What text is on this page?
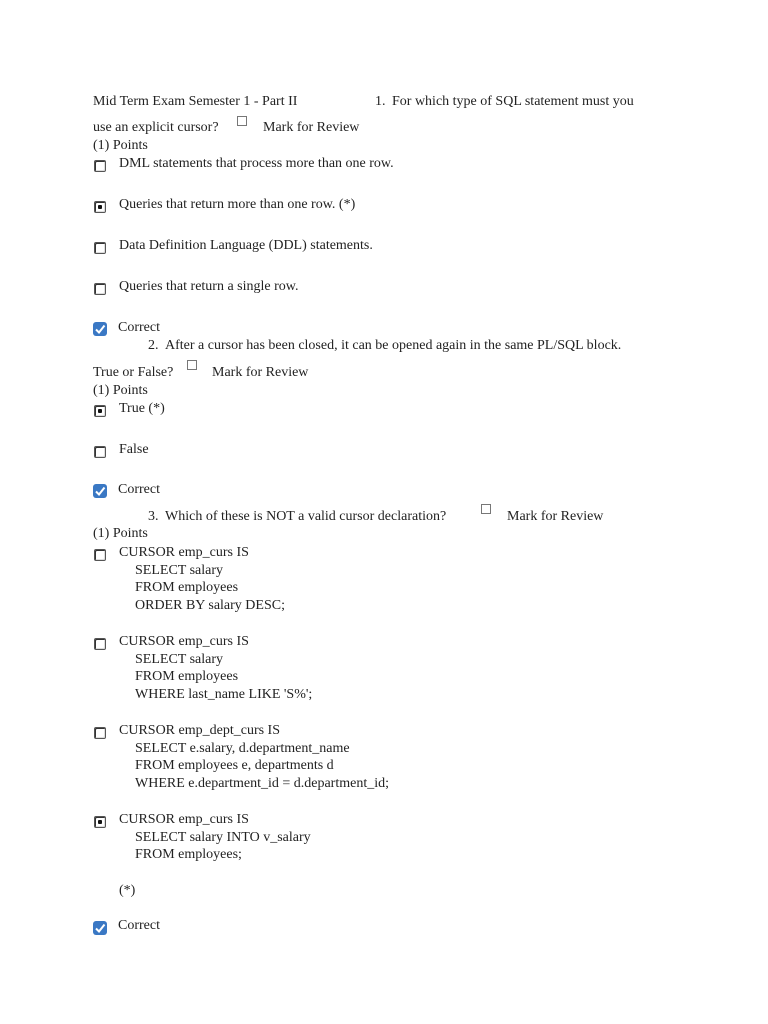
Mid Term Exam Semester 1 - Part II	1. For which type of SQL statement must you
use an explicit cursor?	Mark for Review
(1) Points
DML statements that process more than one row.
Queries that return more than one row. (*)
Data Definition Language (DDL) statements.
Queries that return a single row.
Correct
2. After a cursor has been closed, it can be opened again in the same PL/SQL block.
True or False?	Mark for Review
(1) Points
True (*)
False
Correct
3. Which of these is NOT a valid cursor declaration?	Mark for Review
(1) Points
CURSOR emp_curs IS
SELECT salary
FROM employees
ORDER BY salary DESC;
CURSOR emp_curs IS
SELECT salary
FROM employees
WHERE last_name LIKE 'S%';
CURSOR emp_dept_curs IS
SELECT e.salary, d.department_name
FROM employees e, departments d
WHERE e.department_id = d.department_id;
CURSOR emp_curs IS
SELECT salary INTO v_salary
FROM employees;
(*)
Correct
